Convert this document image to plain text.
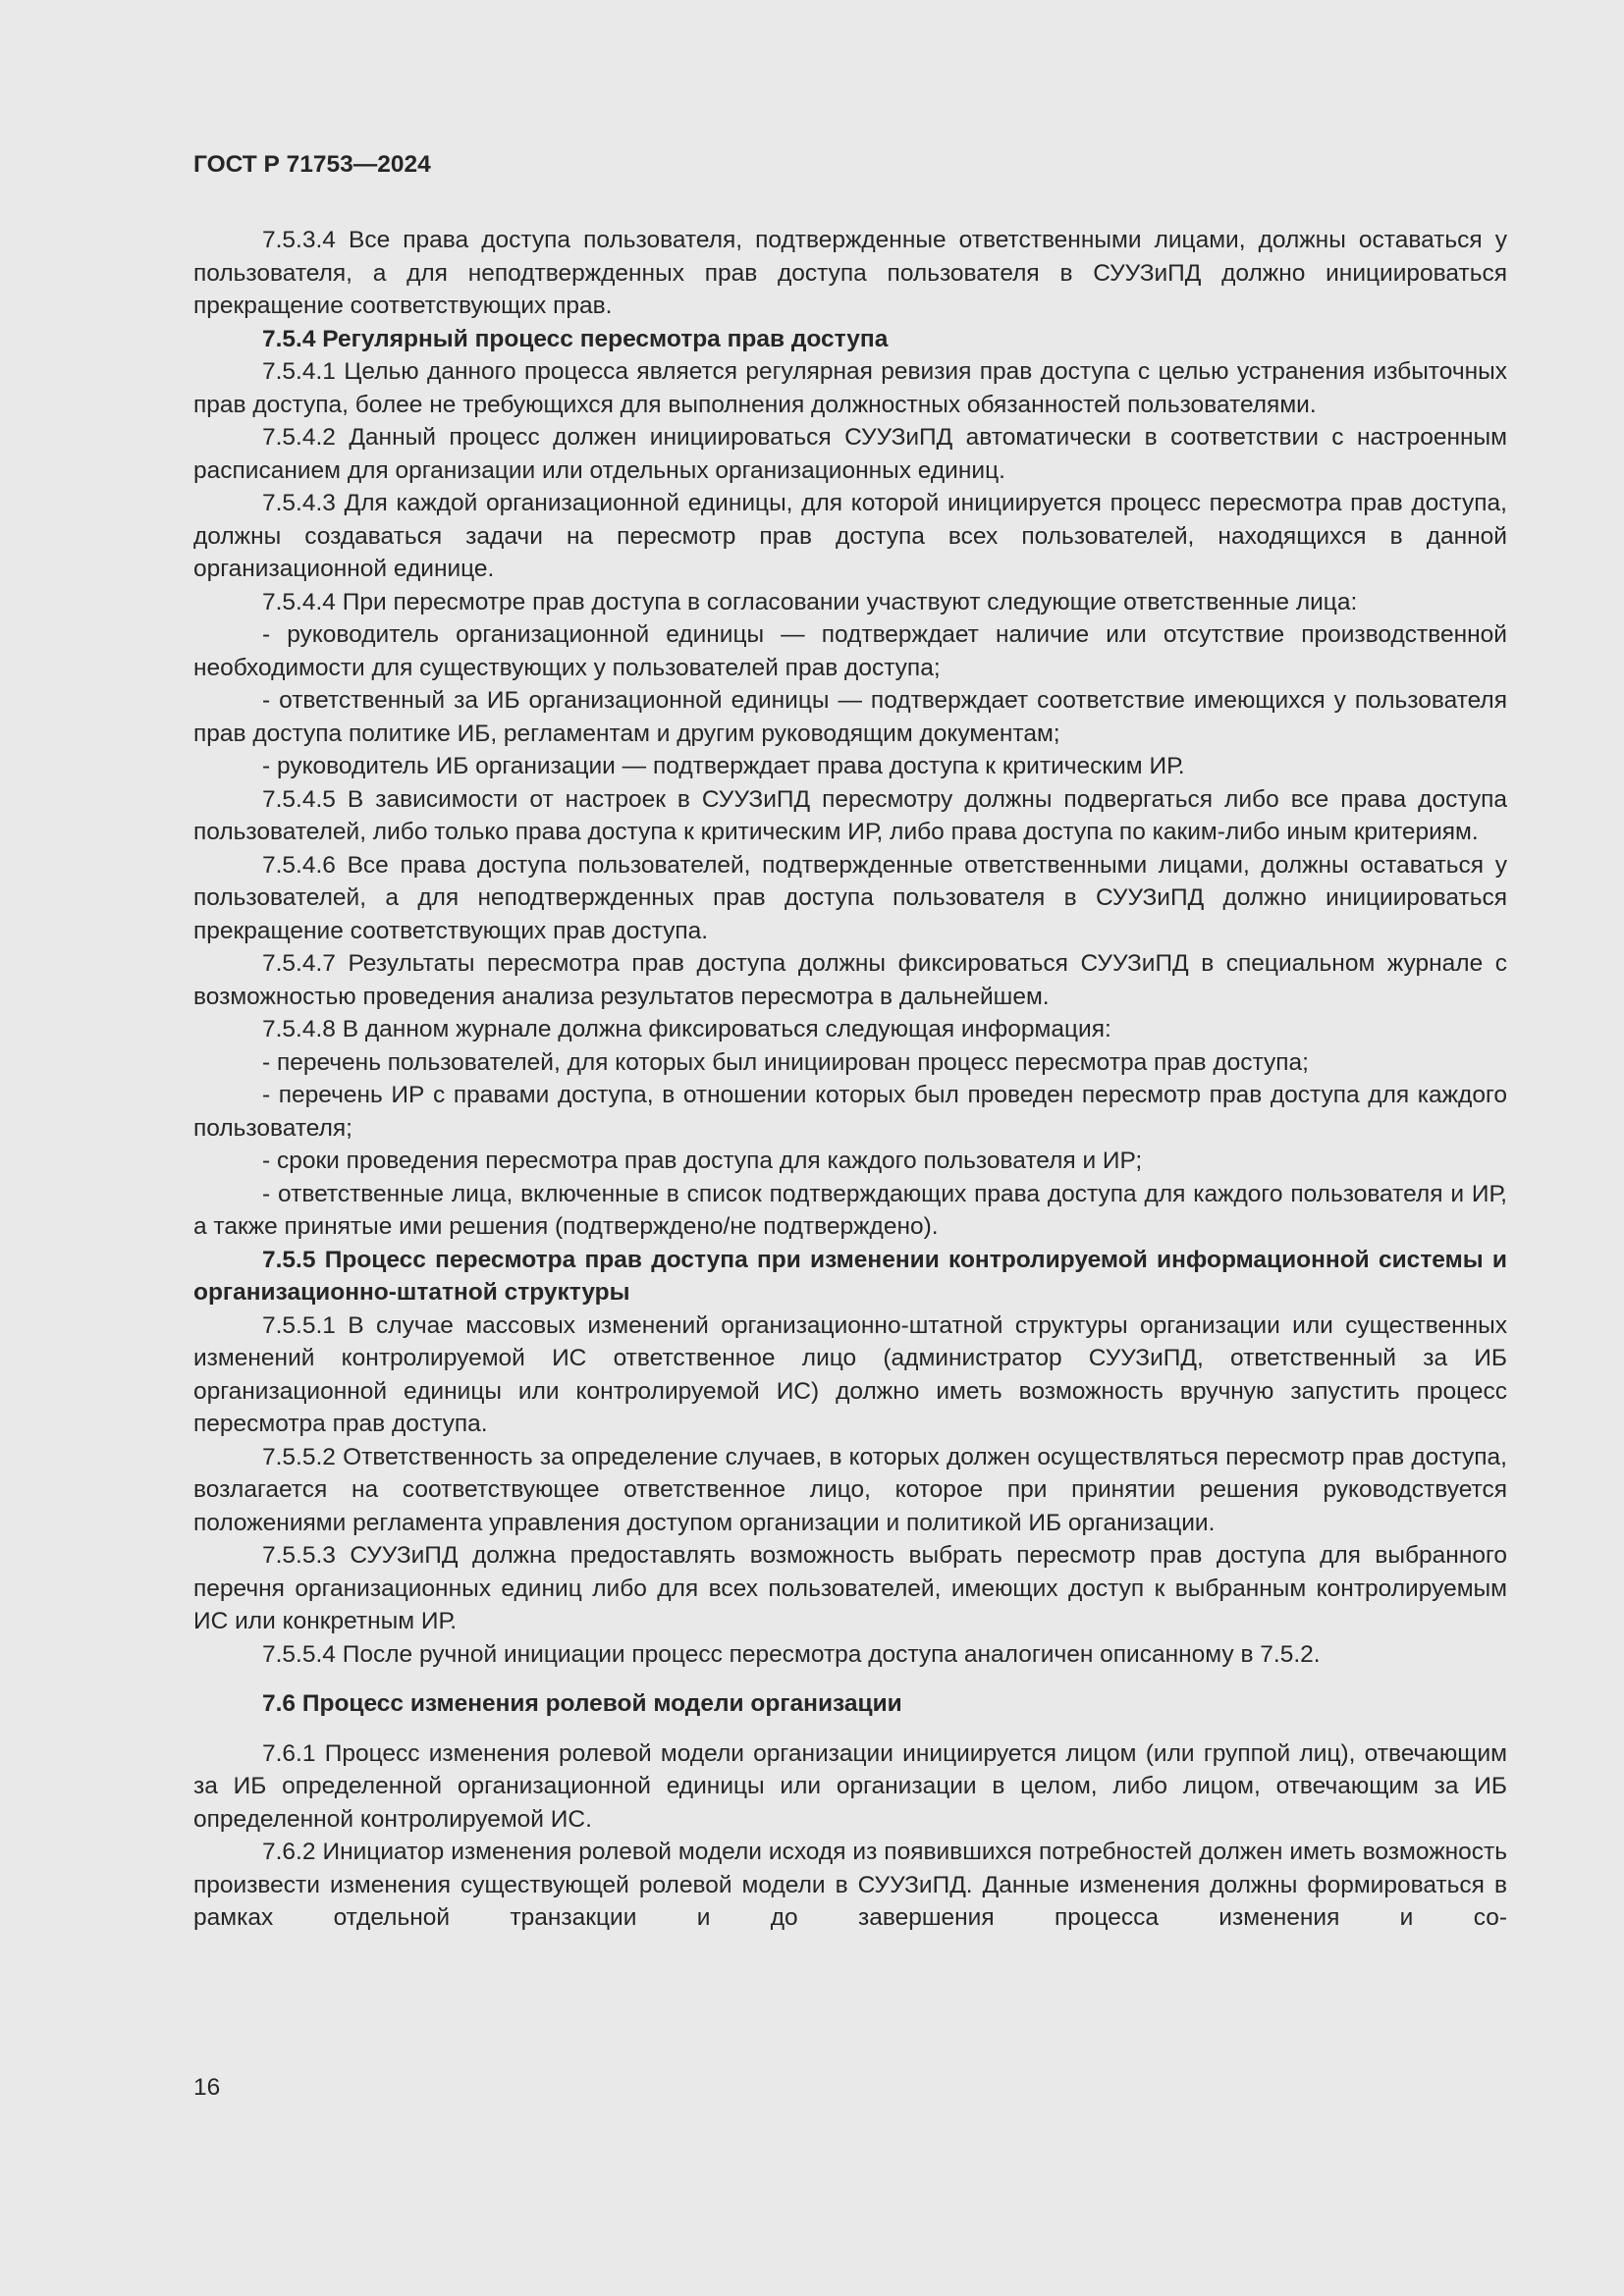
ГОСТ Р 71753—2024

7.5.3.4 Все права доступа пользователя, подтвержденные ответственными лицами, должны оставаться у пользователя, а для неподтвержденных прав доступа пользователя в СУУЗиПД должно инициироваться прекращение соответствующих прав.

7.5.4 Регулярный процесс пересмотра прав доступа

7.5.4.1 Целью данного процесса является регулярная ревизия прав доступа с целью устранения избыточных прав доступа, более не требующихся для выполнения должностных обязанностей пользователями.

7.5.4.2 Данный процесс должен инициироваться СУУЗиПД автоматически в соответствии с настроенным расписанием для организации или отдельных организационных единиц.

7.5.4.3 Для каждой организационной единицы, для которой инициируется процесс пересмотра прав доступа, должны создаваться задачи на пересмотр прав доступа всех пользователей, находящихся в данной организационной единице.

7.5.4.4 При пересмотре прав доступа в согласовании участвуют следующие ответственные лица:

- руководитель организационной единицы — подтверждает наличие или отсутствие производственной необходимости для существующих у пользователей прав доступа;

- ответственный за ИБ организационной единицы — подтверждает соответствие имеющихся у пользователя прав доступа политике ИБ, регламентам и другим руководящим документам;

- руководитель ИБ организации — подтверждает права доступа к критическим ИР.

7.5.4.5 В зависимости от настроек в СУУЗиПД пересмотру должны подвергаться либо все права доступа пользователей, либо только права доступа к критическим ИР, либо права доступа по каким-либо иным критериям.

7.5.4.6 Все права доступа пользователей, подтвержденные ответственными лицами, должны оставаться у пользователей, а для неподтвержденных прав доступа пользователя в СУУЗиПД должно инициироваться прекращение соответствующих прав доступа.

7.5.4.7 Результаты пересмотра прав доступа должны фиксироваться СУУЗиПД в специальном журнале с возможностью проведения анализа результатов пересмотра в дальнейшем.

7.5.4.8 В данном журнале должна фиксироваться следующая информация:

- перечень пользователей, для которых был инициирован процесс пересмотра прав доступа;

- перечень ИР с правами доступа, в отношении которых был проведен пересмотр прав доступа для каждого пользователя;

- сроки проведения пересмотра прав доступа для каждого пользователя и ИР;

- ответственные лица, включенные в список подтверждающих права доступа для каждого пользователя и ИР, а также принятые ими решения (подтверждено/не подтверждено).

7.5.5 Процесс пересмотра прав доступа при изменении контролируемой информационной системы и организационно-штатной структуры

7.5.5.1 В случае массовых изменений организационно-штатной структуры организации или существенных изменений контролируемой ИС ответственное лицо (администратор СУУЗиПД, ответственный за ИБ организационной единицы или контролируемой ИС) должно иметь возможность вручную запустить процесс пересмотра прав доступа.

7.5.5.2 Ответственность за определение случаев, в которых должен осуществляться пересмотр прав доступа, возлагается на соответствующее ответственное лицо, которое при принятии решения руководствуется положениями регламента управления доступом организации и политикой ИБ организации.

7.5.5.3 СУУЗиПД должна предоставлять возможность выбрать пересмотр прав доступа для выбранного перечня организационных единиц либо для всех пользователей, имеющих доступ к выбранным контролируемым ИС или конкретным ИР.

7.5.5.4 После ручной инициации процесс пересмотра доступа аналогичен описанному в 7.5.2.

7.6 Процесс изменения ролевой модели организации

7.6.1 Процесс изменения ролевой модели организации инициируется лицом (или группой лиц), отвечающим за ИБ определенной организационной единицы или организации в целом, либо лицом, отвечающим за ИБ определенной контролируемой ИС.

7.6.2 Инициатор изменения ролевой модели исходя из появившихся потребностей должен иметь возможность произвести изменения существующей ролевой модели в СУУЗиПД. Данные изменения должны формироваться в рамках отдельной транзакции и до завершения процесса изменения и со-

16
